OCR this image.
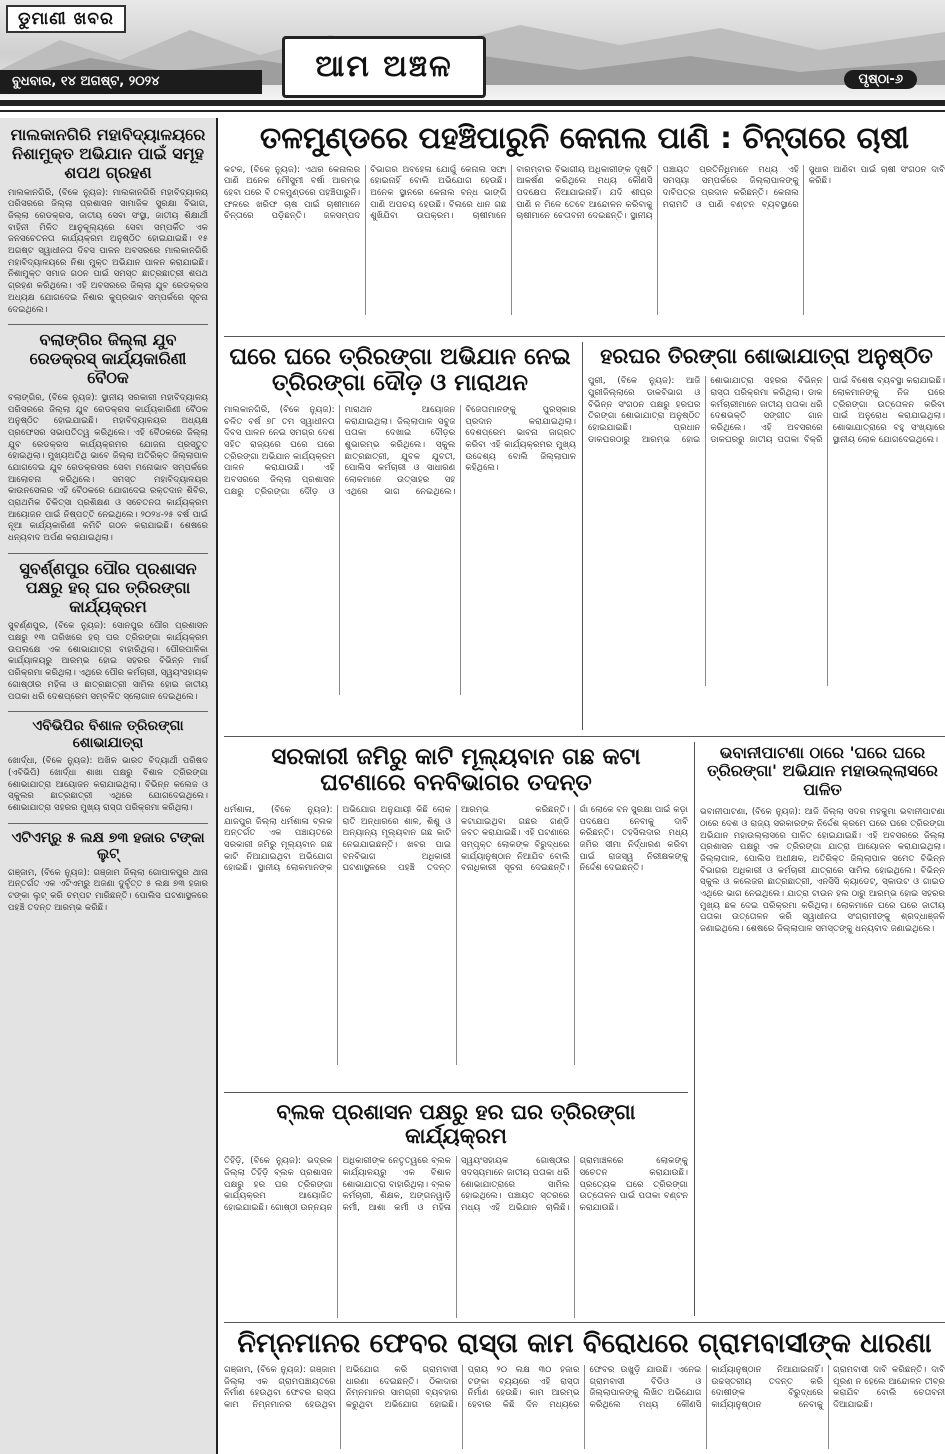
ଡୁମାଣୀ ଖବର
ଆମ ଅଞ୍ଚଳ
ବୁଧବାର, ୧୪ ଅଗଷ୍ଟ, ୨୦୨୪	ପୃଷ୍ଠା-୬
ମାଲକାନଗିରି ମହାବିଦ୍ୟାଳୟରେ ନିଶାମୁକ୍ତ ଅଭିଯାନ ପାଇଁ ସମୂହ ଶପଥ ଗ୍ରହଣ

ମାଲକାନଗିରି, (ବିକେ ନ୍ୟୁଜ): ମାଲକାନଗିରି ମହାବିଦ୍ୟାଳୟ ପରିସରରେ ଜିଲ୍ଲା ପ୍ରଶାସନ ସାମାଜିକ ସୁରକ୍ଷା ବିଭାଗ, ଜିଲ୍ଲା ରେଡକ୍ରସ, ଜାତୀୟ ସେବା ସଂସ୍ଥା, ଜାତୀୟ ଶିକ୍ଷାର୍ଥୀ ବାହିନୀ ମିଳିତ ଆନୁକୂଲ୍ୟରେ ସେବା ସମ୍ପର୍କିତ ଏକ ଜନସଚେତନତା କାର୍ଯ୍ୟକ୍ରମ ଅନୁଷ୍ଠିତ ହୋଇଯାଇଛି। ୧୫ ଅଗଷ୍ଟ ସ୍ୱାଧୀନତା ଦିବସ ପାଳନ ଅବସରରେ ମାଲକାନଗିରି ମହାବିଦ୍ୟାଳୟରେ ନିଶା ମୁକ୍ତ ଅଭିଯାନ ପାଳନ କରାଯାଇଛି। ନିଶାମୁକ୍ତ ସମାଜ ଗଠନ ପାଇଁ ସମସ୍ତ ଛାତ୍ରଛାତ୍ରୀ ଶପଥ ଗ୍ରହଣ କରିଥିଲେ। ଏହି ଅବସରରେ ଜିଲ୍ଲା ଯୁବ ରେଡକ୍ରସ ଅଧ୍ୟକ୍ଷ ଯୋଗଦେଇ ନିଶାର କୁପ୍ରଭାବ ସମ୍ପର୍କରେ ସୂଚନା ଦେଇଥିଲେ।

ବଲାଙ୍ଗିର ଜିଲ୍ଲା ଯୁବ ରେଡକ୍ରସ୍ କାର୍ଯ୍ୟକାରିଣୀ ବୈଠକ

ବଲାଙ୍ଗିର, (ବିକେ ନ୍ୟୁଜ): ସ୍ଥାନୀୟ ସରକାରୀ ମହାବିଦ୍ୟାଳୟ ପରିସରରେ ଜିଲ୍ଲା ଯୁବ ରେଡକ୍ରସ କାର୍ଯ୍ୟକାରିଣୀ ବୈଠକ ଅନୁଷ୍ଠିତ ହୋଇଯାଇଛି। ମହାବିଦ୍ୟାଳୟର ଅଧ୍ୟକ୍ଷ ପ୍ରଫେସର ସଭାପତିତ୍ୱ କରିଥିଲେ। ଏହି ବୈଠକରେ ଜିଲ୍ଲା ଯୁବ ରେଡକ୍ରସ କାର୍ଯ୍ୟକ୍ରମର ଯୋଜନା ପ୍ରସ୍ତୁତ ହୋଇଥିଲା। ମୁଖ୍ୟଅତିଥି ଭାବେ ଜିଲ୍ଲା ଅତିରିକ୍ତ ଜିଲ୍ଲାପାଳ ଯୋଗଦେଇ ଯୁବ ରେଡକ୍ରସର ସେବା ମନୋଭାବ ସମ୍ପର୍କରେ ଆଲୋଚନା କରିଥିଲେ। ସମସ୍ତ ମହାବିଦ୍ୟାଳୟର କାଉନସେଲର ଏହି ବୈଠକରେ ଯୋଗଦେଇ ରକ୍ତଦାନ ଶିବିର, ପ୍ରାଥମିକ ଚିକିତ୍ସା ପ୍ରଶିକ୍ଷଣ ଓ ସଚେତନତା କାର୍ଯ୍ୟକ୍ରମ ଆୟୋଜନ ପାଇଁ ନିଷ୍ପତ୍ତି ନେଇଥିଲେ। ୨୦୨୪-୨୫ ବର୍ଷ ପାଇଁ ନୂଆ କାର୍ଯ୍ୟକାରିଣୀ କମିଟି ଗଠନ କରାଯାଇଛି। ଶେଷରେ ଧନ୍ୟବାଦ ଅର୍ପଣ କରାଯାଇଥିଲା।

ସୁବର୍ଣ୍ଣପୁର ପୌର ପ୍ରଶାସନ ପକ୍ଷରୁ ହର୍ ଘର ତ୍ରିରଙ୍ଗା କାର୍ଯ୍ୟକ୍ରମ

ସୁବର୍ଣ୍ଣପୁର, (ବିକେ ନ୍ୟୁଜ): ସୋନପୁର ପୌର ପ୍ରଶାସନ ପକ୍ଷରୁ ୧୩ ତାରିଖରେ ହର୍ ଘର ତ୍ରିରଙ୍ଗା କାର୍ଯ୍ୟକ୍ରମ ଉପଲକ୍ଷେ ଏକ ଶୋଭାଯାତ୍ରା ବାହାରିଥିଲା। ପୌରପାଳିକା କାର୍ଯ୍ୟାଳୟରୁ ଆରମ୍ଭ ହୋଇ ସହରର ବିଭିନ୍ନ ମାର୍ଗ ପରିକ୍ରମା କରିଥିଲା। ଏଥିରେ ପୌର କର୍ମଚାରୀ, ସ୍ୱୟଂସହାୟକ ଗୋଷ୍ଠୀର ମହିଳା ଓ ଛାତ୍ରଛାତ୍ରୀ ସାମିଲ ହୋଇ ଜାତୀୟ ପତାକା ଧରି ଦେଶପ୍ରେମ ସମ୍ବଳିତ ସ୍ଲୋଗାନ ଦେଇଥିଲେ।

ଏବିଭିପିର ବିଶାଳ ତ୍ରିରଙ୍ଗା ଶୋଭାଯାତ୍ରା

ଖୋର୍ଦ୍ଧା, (ବିକେ ନ୍ୟୁଜ): ଅଖିଳ ଭାରତ ବିଦ୍ୟାର୍ଥୀ ପରିଷଦ (ଏବିଭିପି) ଖୋର୍ଦ୍ଧା ଶାଖା ପକ୍ଷରୁ ବିଶାଳ ତ୍ରିରଙ୍ଗା ଶୋଭାଯାତ୍ରା ଆୟୋଜନ କରାଯାଇଥିଲା। ବିଭିନ୍ନ କଲେଜ ଓ ସ୍କୁଲର ଛାତ୍ରଛାତ୍ରୀ ଏଥିରେ ଯୋଗଦେଇଥିଲେ। ଶୋଭାଯାତ୍ରା ସହରର ମୁଖ୍ୟ ରାସ୍ତା ପରିକ୍ରମା କରିଥିଲା।

ଏଟିଏମ୍‌ରୁ ୫ ଲକ୍ଷ ୭୩ ହଜାର ଟଙ୍କା ଲୁଟ୍

ଗଞ୍ଜାମ, (ବିକେ ନ୍ୟୁଜ): ଗଞ୍ଜାମ ଜିଲ୍ଲା ଗୋପାଳପୁର ଥାନା ଅନ୍ତର୍ଗତ ଏକ ଏଟିଏମ୍‌ରୁ ଅଜଣା ଦୁର୍ବୃତ୍ତ ୫ ଲକ୍ଷ ୭୩ ହଜାର ଟଙ୍କା ଲୁଟ୍ କରି ଚମ୍ପଟ ମାରିଛନ୍ତି। ପୋଲିସ ଘଟଣାସ୍ଥଳରେ ପହଞ୍ଚି ତଦନ୍ତ ଆରମ୍ଭ କରିଛି।

ତଳମୁଣ୍ଡରେ ପହଞ୍ଚିପାରୁନି କେନାଲ ପାଣି : ଚିନ୍ତାରେ ଚାଷୀ

କଟକ, (ବିକେ ନ୍ୟୁଜ): ଏଥର କେନାଲର ପାଣି ଅନେକ ମୌସୁମୀ ବର୍ଷା ଆରମ୍ଭ ହେବା ପରେ ବି ତଳମୁଣ୍ଡରେ ପହଞ୍ଚିପାରୁନି। ଫଳରେ ଖରିଫ ଚାଷ ପାଇଁ ଚାଷୀମାନେ ଚିନ୍ତାରେ ପଡ଼ିଛନ୍ତି। ଜଳସମ୍ପଦ ବିଭାଗର ଅବହେଳା ଯୋଗୁଁ କେନାଲ ସଫା ହୋଇନାହିଁ ବୋଲି ଅଭିଯୋଗ ହେଉଛି। ଅନେକ ସ୍ଥାନରେ କେନାଲ ବନ୍ଧ ଭାଙ୍ଗି ପାଣି ଅପଚୟ ହେଉଛି। ବିଲରେ ଧାନ ଗଛ ଶୁଖିଯିବା ଉପକ୍ରମ। ଚାଷୀମାନେ ବାରମ୍ବାର ବିଭାଗୀୟ ଅଧିକାରୀଙ୍କ ଦୃଷ୍ଟି ଆକର୍ଷଣ କରିଥିଲେ ମଧ୍ୟ କୌଣସି ପଦକ୍ଷେପ ନିଆଯାଇନାହିଁ। ଯଦି ଶୀଘ୍ର ପାଣି ନ ମିଳେ ତେବେ ଆନ୍ଦୋଳନ କରିବାକୁ ଚାଷୀମାନେ ଚେତାବନୀ ଦେଇଛନ୍ତି। ସ୍ଥାନୀୟ ପଞ୍ଚାୟତ ପ୍ରତିନିଧିମାନେ ମଧ୍ୟ ଏହି ସମସ୍ୟା ସମ୍ପର୍କରେ ଜିଲ୍ଲାପାଳଙ୍କୁ ଦାବିପତ୍ର ପ୍ରଦାନ କରିଛନ୍ତି। କେନାଲ ମରାମତି ଓ ପାଣି ବଣ୍ଟନ ବ୍ୟବସ୍ଥାରେ ସୁଧାର ଆଣିବା ପାଇଁ ଚାଷୀ ସଂଗଠନ ଦାବି କରିଛି।

ଘରେ ଘରେ ତ୍ରିରଙ୍ଗା ଅଭିଯାନ ନେଇ ତ୍ରିରଙ୍ଗା ଦୌଡ଼ ଓ ମାରାଥନ

ମାଲକାନଗିରି, (ବିକେ ନ୍ୟୁଜ): ଚଳିତ ବର୍ଷ ୭୮ ତମ ସ୍ୱାଧୀନତା ଦିବସ ପାଳନ ନେଇ ସମଗ୍ର ଦେଶ ସହିତ ରାଜ୍ୟରେ ଘରେ ଘରେ ତ୍ରିରଙ୍ଗା ଅଭିଯାନ କାର୍ଯ୍ୟକ୍ରମ ପାଳନ କରାଯାଉଛି। ଏହି ଅବସରରେ ଜିଲ୍ଲା ପ୍ରଶାସନ ପକ୍ଷରୁ ତ୍ରିରଙ୍ଗା ଦୌଡ଼ ଓ ମାରାଥନ ଆୟୋଜନ କରାଯାଇଥିଲା। ଜିଲ୍ଲାପାଳ ସବୁଜ ପତାକା ଦେଖାଇ ଦୌଡ଼ର ଶୁଭାରମ୍ଭ କରିଥିଲେ। ସ୍କୁଲ ଛାତ୍ରଛାତ୍ରୀ, ଯୁବକ ଯୁବତୀ, ପୋଲିସ କର୍ମଚାରୀ ଓ ସାଧାରଣ ଲୋକମାନେ ଉତ୍ସାହର ସହ ଏଥିରେ ଭାଗ ନେଇଥିଲେ। ବିଜେତାମାନଙ୍କୁ ପୁରସ୍କାର ପ୍ରଦାନ କରାଯାଇଥିଲା। ଦେଶପ୍ରେମ ଭାବନା ଜାଗ୍ରତ କରିବା ଏହି କାର୍ଯ୍ୟକ୍ରମର ମୁଖ୍ୟ ଉଦ୍ଦେଶ୍ୟ ବୋଲି ଜିଲ୍ଲାପାଳ କହିଥିଲେ।

ହରଘର ତିରଙ୍ଗା ଶୋଭାଯାତ୍ରା ଅନୁଷ୍ଠିତ

ପୁରୀ, (ବିକେ ନ୍ୟୁଜ): ଆଜି ପୁରୀଜିଲ୍ଲାରେ ଡାକବିଭାଗ ଓ ବିଭିନ୍ନ ସଂଗଠନ ପକ୍ଷରୁ ହରଘର ତିରଙ୍ଗା ଶୋଭାଯାତ୍ରା ଅନୁଷ୍ଠିତ ହୋଇଯାଇଛି। ପ୍ରଧାନ ଡାକଘରଠାରୁ ଆରମ୍ଭ ହୋଇ ଶୋଭାଯାତ୍ରା ସହରର ବିଭିନ୍ନ ରାସ୍ତା ପରିକ୍ରମା କରିଥିଲା। ଡାକ କର୍ମଚାରୀମାନେ ଜାତୀୟ ପତାକା ଧରି ଦେଶଭକ୍ତି ସଙ୍ଗୀତ ଗାନ କରିଥିଲେ। ଏହି ଅବସରରେ ଡାକଘରରୁ ଜାତୀୟ ପତାକା ବିକ୍ରି ପାଇଁ ବିଶେଷ ବ୍ୟବସ୍ଥା କରାଯାଇଛି। ଲୋକମାନଙ୍କୁ ନିଜ ଘରେ ତ୍ରିରଙ୍ଗା ଉତ୍ତୋଳନ କରିବା ପାଇଁ ଅନୁରୋଧ କରାଯାଇଥିଲା। ଶୋଭାଯାତ୍ରାରେ ବହୁ ସଂଖ୍ୟାରେ ସ୍ଥାନୀୟ ଲୋକ ଯୋଗଦେଇଥିଲେ।

ସରକାରୀ ଜମିରୁ କାଟି ମୂଲ୍ୟବାନ ଗଛ କଟା ଘଟଣାରେ ବନବିଭାଗର ତଦନ୍ତ

ଧର୍ମଶାଳା, (ବିକେ ନ୍ୟୁଜ): ଯାଜପୁର ଜିଲ୍ଲା ଧର୍ମଶାଳା ବ୍ଲକ ଅନ୍ତର୍ଗତ ଏକ ପଞ୍ଚାୟତରେ ସରକାରୀ ଜମିରୁ ମୂଲ୍ୟବାନ ଗଛ କାଟି ନିଆଯାଇଥିବା ଅଭିଯୋଗ ହୋଇଛି। ସ୍ଥାନୀୟ ଲୋକମାନଙ୍କ ଅଭିଯୋଗ ଅନୁଯାୟୀ କିଛି ଲୋକ ରାତି ଅନ୍ଧାରରେ ଶାଳ, ଶିଶୁ ଓ ଅନ୍ୟାନ୍ୟ ମୂଲ୍ୟବାନ ଗଛ କାଟି ନେଇଯାଇଛନ୍ତି। ଖବର ପାଇ ବନବିଭାଗ ଅଧିକାରୀ ଘଟଣାସ୍ଥଳରେ ପହଞ୍ଚି ତଦନ୍ତ ଆରମ୍ଭ କରିଛନ୍ତି। କଟାଯାଇଥିବା ଗଛର ଗଣ୍ଡି ଜବତ କରାଯାଇଛି। ଏହି ଘଟଣାରେ ସମ୍ପୃକ୍ତ ଲୋକଙ୍କ ବିରୁଦ୍ଧରେ କାର୍ଯ୍ୟାନୁଷ୍ଠାନ ନିଆଯିବ ବୋଲି ବନାଧିକାରୀ ସୂଚନା ଦେଇଛନ୍ତି। ଗାଁ ଲୋକେ ବନ ସୁରକ୍ଷା ପାଇଁ କଡ଼ା ପଦକ୍ଷେପ ନେବାକୁ ଦାବି କରିଛନ୍ତି। ତହସିଲଦାର ମଧ୍ୟ ଜମିର ସୀମା ନିର୍ଦ୍ଧାରଣ କରିବା ପାଇଁ ରାଜସ୍ୱ ନିରୀକ୍ଷକଙ୍କୁ ନିର୍ଦ୍ଦେଶ ଦେଇଛନ୍ତି।

ଭବାନୀପାଟଣା ଠାରେ 'ଘରେ ଘରେ ତ୍ରିରଙ୍ଗା' ଅଭିଯାନ ମହାଉଲ୍ଲାସରେ ପାଳିତ

ଭବାନୀପାଟଣା, (ବିକେ ନ୍ୟୁଜ): ଆଜି ଜିଲ୍ଲା ସଦର ମହକୁମା ଭବାନୀପାଟଣା ଠାରେ ଦେଶ ଓ ରାଜ୍ୟ ସରକାରଙ୍କ ନିର୍ଦ୍ଦେଶ କ୍ରମେ ଘରେ ଘରେ ତ୍ରିରଙ୍ଗା ଅଭିଯାନ ମହାଉଲ୍ଲାସରେ ପାଳିତ ହୋଇଯାଇଛି। ଏହି ଅବସରରେ ଜିଲ୍ଲା ପ୍ରଶାସନ ପକ୍ଷରୁ ଏକ ତ୍ରିରଙ୍ଗା ଯାତ୍ରା ଆୟୋଜନ କରାଯାଇଥିଲା। ଜିଲ୍ଲାପାଳ, ପୋଲିସ ଅଧୀକ୍ଷକ, ଅତିରିକ୍ତ ଜିଲ୍ଲାପାଳ ସମେତ ବିଭିନ୍ନ ବିଭାଗର ଅଧିକାରୀ ଓ କର୍ମଚାରୀ ଯାତ୍ରାରେ ସାମିଲ ହୋଇଥିଲେ। ବିଭିନ୍ନ ସ୍କୁଲ ଓ କଲେଜର ଛାତ୍ରଛାତ୍ରୀ, ଏନସିସି କ୍ୟାଡେଟ୍, ସ୍କାଉଟ ଓ ଗାଇଡ ଏଥିରେ ଭାଗ ନେଇଥିଲେ। ଯାତ୍ରା ଟାଉନ ହଲ ଠାରୁ ଆରମ୍ଭ ହୋଇ ସହରର ମୁଖ୍ୟ ଛକ ଦେଇ ପରିକ୍ରମା କରିଥିଲା। ଲୋକମାନେ ଘରେ ଘରେ ଜାତୀୟ ପତାକା ଉତ୍ତୋଳନ କରି ସ୍ୱାଧୀନତା ସଂଗ୍ରାମୀଙ୍କୁ ଶ୍ରଦ୍ଧାଞ୍ଜଳି ଜଣାଇଥିଲେ। ଶେଷରେ ଜିଲ୍ଲାପାଳ ସମସ୍ତଙ୍କୁ ଧନ୍ୟବାଦ ଜଣାଇଥିଲେ।

ବ୍ଲକ ପ୍ରଶାସନ ପକ୍ଷରୁ ହର ଘର ତ୍ରିରଙ୍ଗା କାର୍ଯ୍ୟକ୍ରମ

ତିହିଡ଼ି, (ବିକେ ନ୍ୟୁଜ): ଭଦ୍ରକ ଜିଲ୍ଲା ତିହିଡ଼ି ବ୍ଲକ ପ୍ରଶାସନ ପକ୍ଷରୁ ହର ଘର ତ୍ରିରଙ୍ଗା କାର୍ଯ୍ୟକ୍ରମ ଆୟୋଜିତ ହୋଇଯାଇଛି। ଗୋଷ୍ଠୀ ଉନ୍ନୟନ ଅଧିକାରୀଙ୍କ ନେତୃତ୍ୱରେ ବ୍ଲକ କାର୍ଯ୍ୟାଳୟରୁ ଏକ ବିଶାଳ ଶୋଭାଯାତ୍ରା ବାହାରିଥିଲା। ବ୍ଲକ କର୍ମଚାରୀ, ଶିକ୍ଷକ, ଅଙ୍ଗନୱାଡ଼ି କର୍ମୀ, ଆଶା କର୍ମୀ ଓ ମହିଳା ସ୍ୱୟଂସହାୟକ ଗୋଷ୍ଠୀର ସଦସ୍ୟମାନେ ଜାତୀୟ ପତାକା ଧରି ଶୋଭାଯାତ୍ରାରେ ସାମିଲ ହୋଇଥିଲେ। ପଞ୍ଚାୟତ ସ୍ତରରେ ମଧ୍ୟ ଏହି ଅଭିଯାନ ଚାଲିଛି। ଗ୍ରାମାଞ୍ଚଳରେ ଲୋକଙ୍କୁ ସଚେତନ କରାଯାଉଛି। ପ୍ରତ୍ୟେକ ଘରେ ତ୍ରିରଙ୍ଗା ଉତ୍ତୋଳନ ପାଇଁ ପତାକା ବଣ୍ଟନ କରାଯାଉଛି।

ନିମ୍ନମାନର ଫେବର ରାସ୍ତା କାମ ବିରୋଧରେ ଗ୍ରାମବାସୀଙ୍କ ଧାରଣା

ଗଞ୍ଜାମ, (ବିକେ ନ୍ୟୁଜ): ଗଞ୍ଜାମ ଜିଲ୍ଲା ଏକ ଗ୍ରାମପଞ୍ଚାୟତରେ ନିର୍ମାଣ ହେଉଥିବା ଫେବର ରାସ୍ତା କାମ ନିମ୍ନମାନର ହେଉଥିବା ଅଭିଯୋଗ କରି ଗ୍ରାମବାସୀ ଧାରଣା ଦେଇଛନ୍ତି। ଠିକାଦାର ନିମ୍ନମାନର ସାମଗ୍ରୀ ବ୍ୟବହାର କରୁଥିବା ଅଭିଯୋଗ ହୋଇଛି। ପ୍ରାୟ ୨୦ ଲକ୍ଷ ୩୦ ହଜାର ଟଙ୍କା ବ୍ୟୟରେ ଏହି ରାସ୍ତା ନିର୍ମାଣ ହେଉଛି। କାମ ଆରମ୍ଭ ହେବାର କିଛି ଦିନ ମଧ୍ୟରେ ଫେବର ଉଖୁଡ଼ି ଯାଉଛି। ଏନେଇ ଗ୍ରାମବାସୀ ବିଡିଓ ଓ ଜିଲ୍ଲାପାଳଙ୍କୁ ଲିଖିତ ଅଭିଯୋଗ କରିଥିଲେ ମଧ୍ୟ କୌଣସି କାର୍ଯ୍ୟାନୁଷ୍ଠାନ ନିଆଯାଇନାହିଁ। ଉଚ୍ଚସ୍ତରୀୟ ତଦନ୍ତ କରି ଦୋଷୀଙ୍କ ବିରୁଦ୍ଧରେ କାର୍ଯ୍ୟାନୁଷ୍ଠାନ ନେବାକୁ ଗ୍ରାମବାସୀ ଦାବି କରିଛନ୍ତି। ଦାବି ପୂରଣ ନ ହେଲେ ଆନ୍ଦୋଳନ ତୀବ୍ର କରାଯିବ ବୋଲି ଚେତାବନୀ ଦିଆଯାଇଛି।
